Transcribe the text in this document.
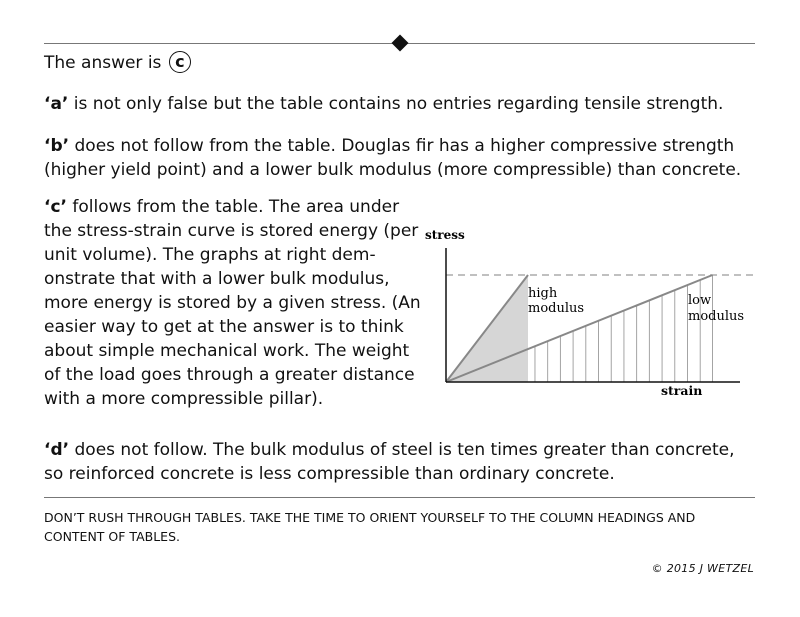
The answer is c
‘a’ is not only false but the table contains no entries regarding tensile strength.
‘b’ does not follow from the table. Douglas fir has a higher compressive strength
(higher yield point) and a lower bulk modulus (more compressible) than concrete.
‘c’ follows from the table. The area under
the stress-strain curve is stored energy (per
unit volume). The graphs at right dem-
onstrate that with a lower bulk modulus,
more energy is stored by a given stress. (An
easier way to get at the answer is to think
about simple mechanical work. The weight
of the load goes through a greater distance
with a more compressible pillar).
stress
strain
high
modulus
low
modulus
‘d’ does not follow. The bulk modulus of steel is ten times greater than concrete,
so reinforced concrete is less compressible than ordinary concrete.
DON’T RUSH THROUGH TABLES. TAKE THE TIME TO ORIENT YOURSELF TO THE COLUMN HEADINGS AND
CONTENT OF TABLES.
© 2015 J WETZEL
